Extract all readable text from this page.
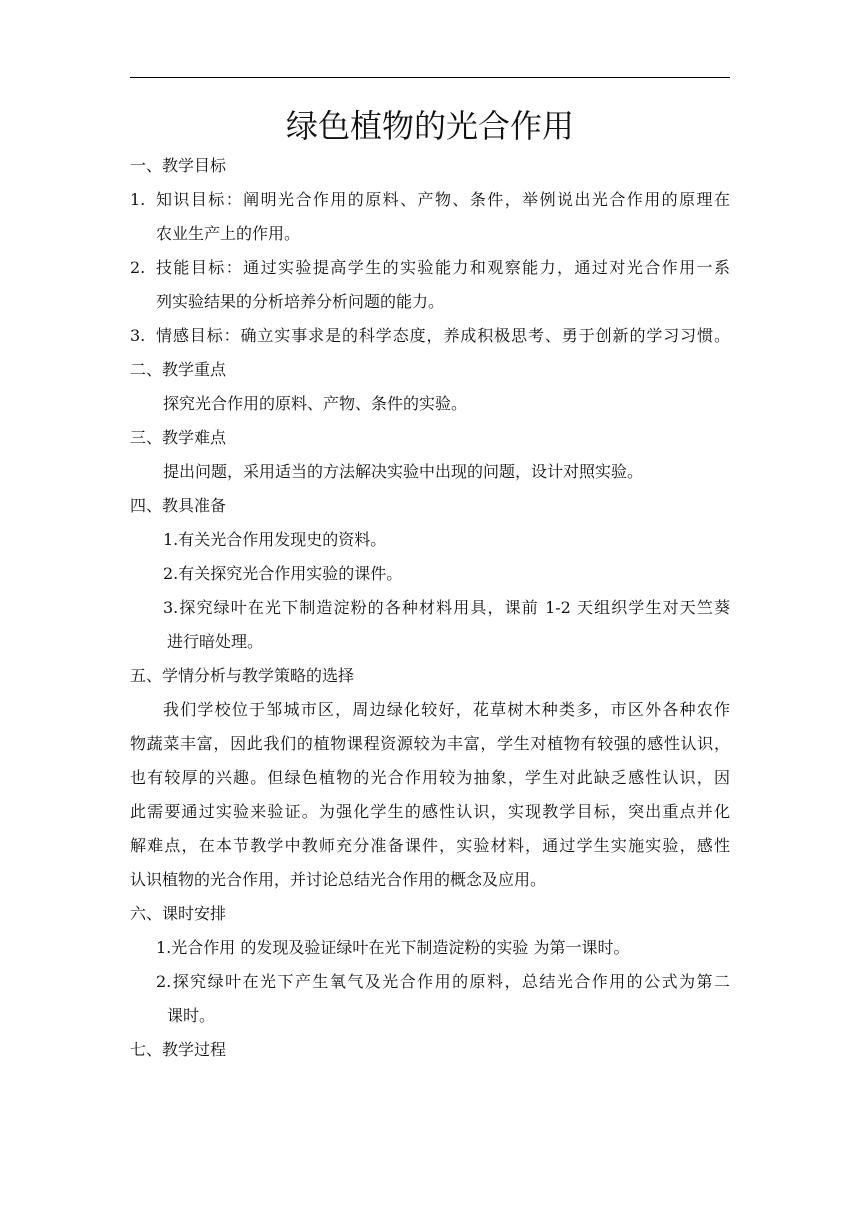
绿色植物的光合作用
一、教学目标
1. 知识目标：阐明光合作用的原料、产物、条件，举例说出光合作用的原理在
农业生产上的作用。
2. 技能目标：通过实验提高学生的实验能力和观察能力，通过对光合作用一系
列实验结果的分析培养分析问题的能力。
3. 情感目标：确立实事求是的科学态度，养成积极思考、勇于创新的学习习惯。
二、教学重点
探究光合作用的原料、产物、条件的实验。
三、教学难点
提出问题，采用适当的方法解决实验中出现的问题，设计对照实验。
四、教具准备
1.有关光合作用发现史的资料。
2.有关探究光合作用实验的课件。
3.探究绿叶在光下制造淀粉的各种材料用具，课前 1-2 天组织学生对天竺葵
进行暗处理。
五、学情分析与教学策略的选择
我们学校位于邹城市区，周边绿化较好，花草树木种类多，市区外各种农作
物蔬菜丰富，因此我们的植物课程资源较为丰富，学生对植物有较强的感性认识，
也有较厚的兴趣。但绿色植物的光合作用较为抽象，学生对此缺乏感性认识，因
此需要通过实验来验证。为强化学生的感性认识，实现教学目标，突出重点并化
解难点，在本节教学中教师充分准备课件，实验材料，通过学生实施实验，感性
认识植物的光合作用，并讨论总结光合作用的概念及应用。
六、课时安排
1.光合作用 的发现及验证绿叶在光下制造淀粉的实验 为第一课时。
2.探究绿叶在光下产生氧气及光合作用的原料，总结光合作用的公式为第二
课时。
七、教学过程
